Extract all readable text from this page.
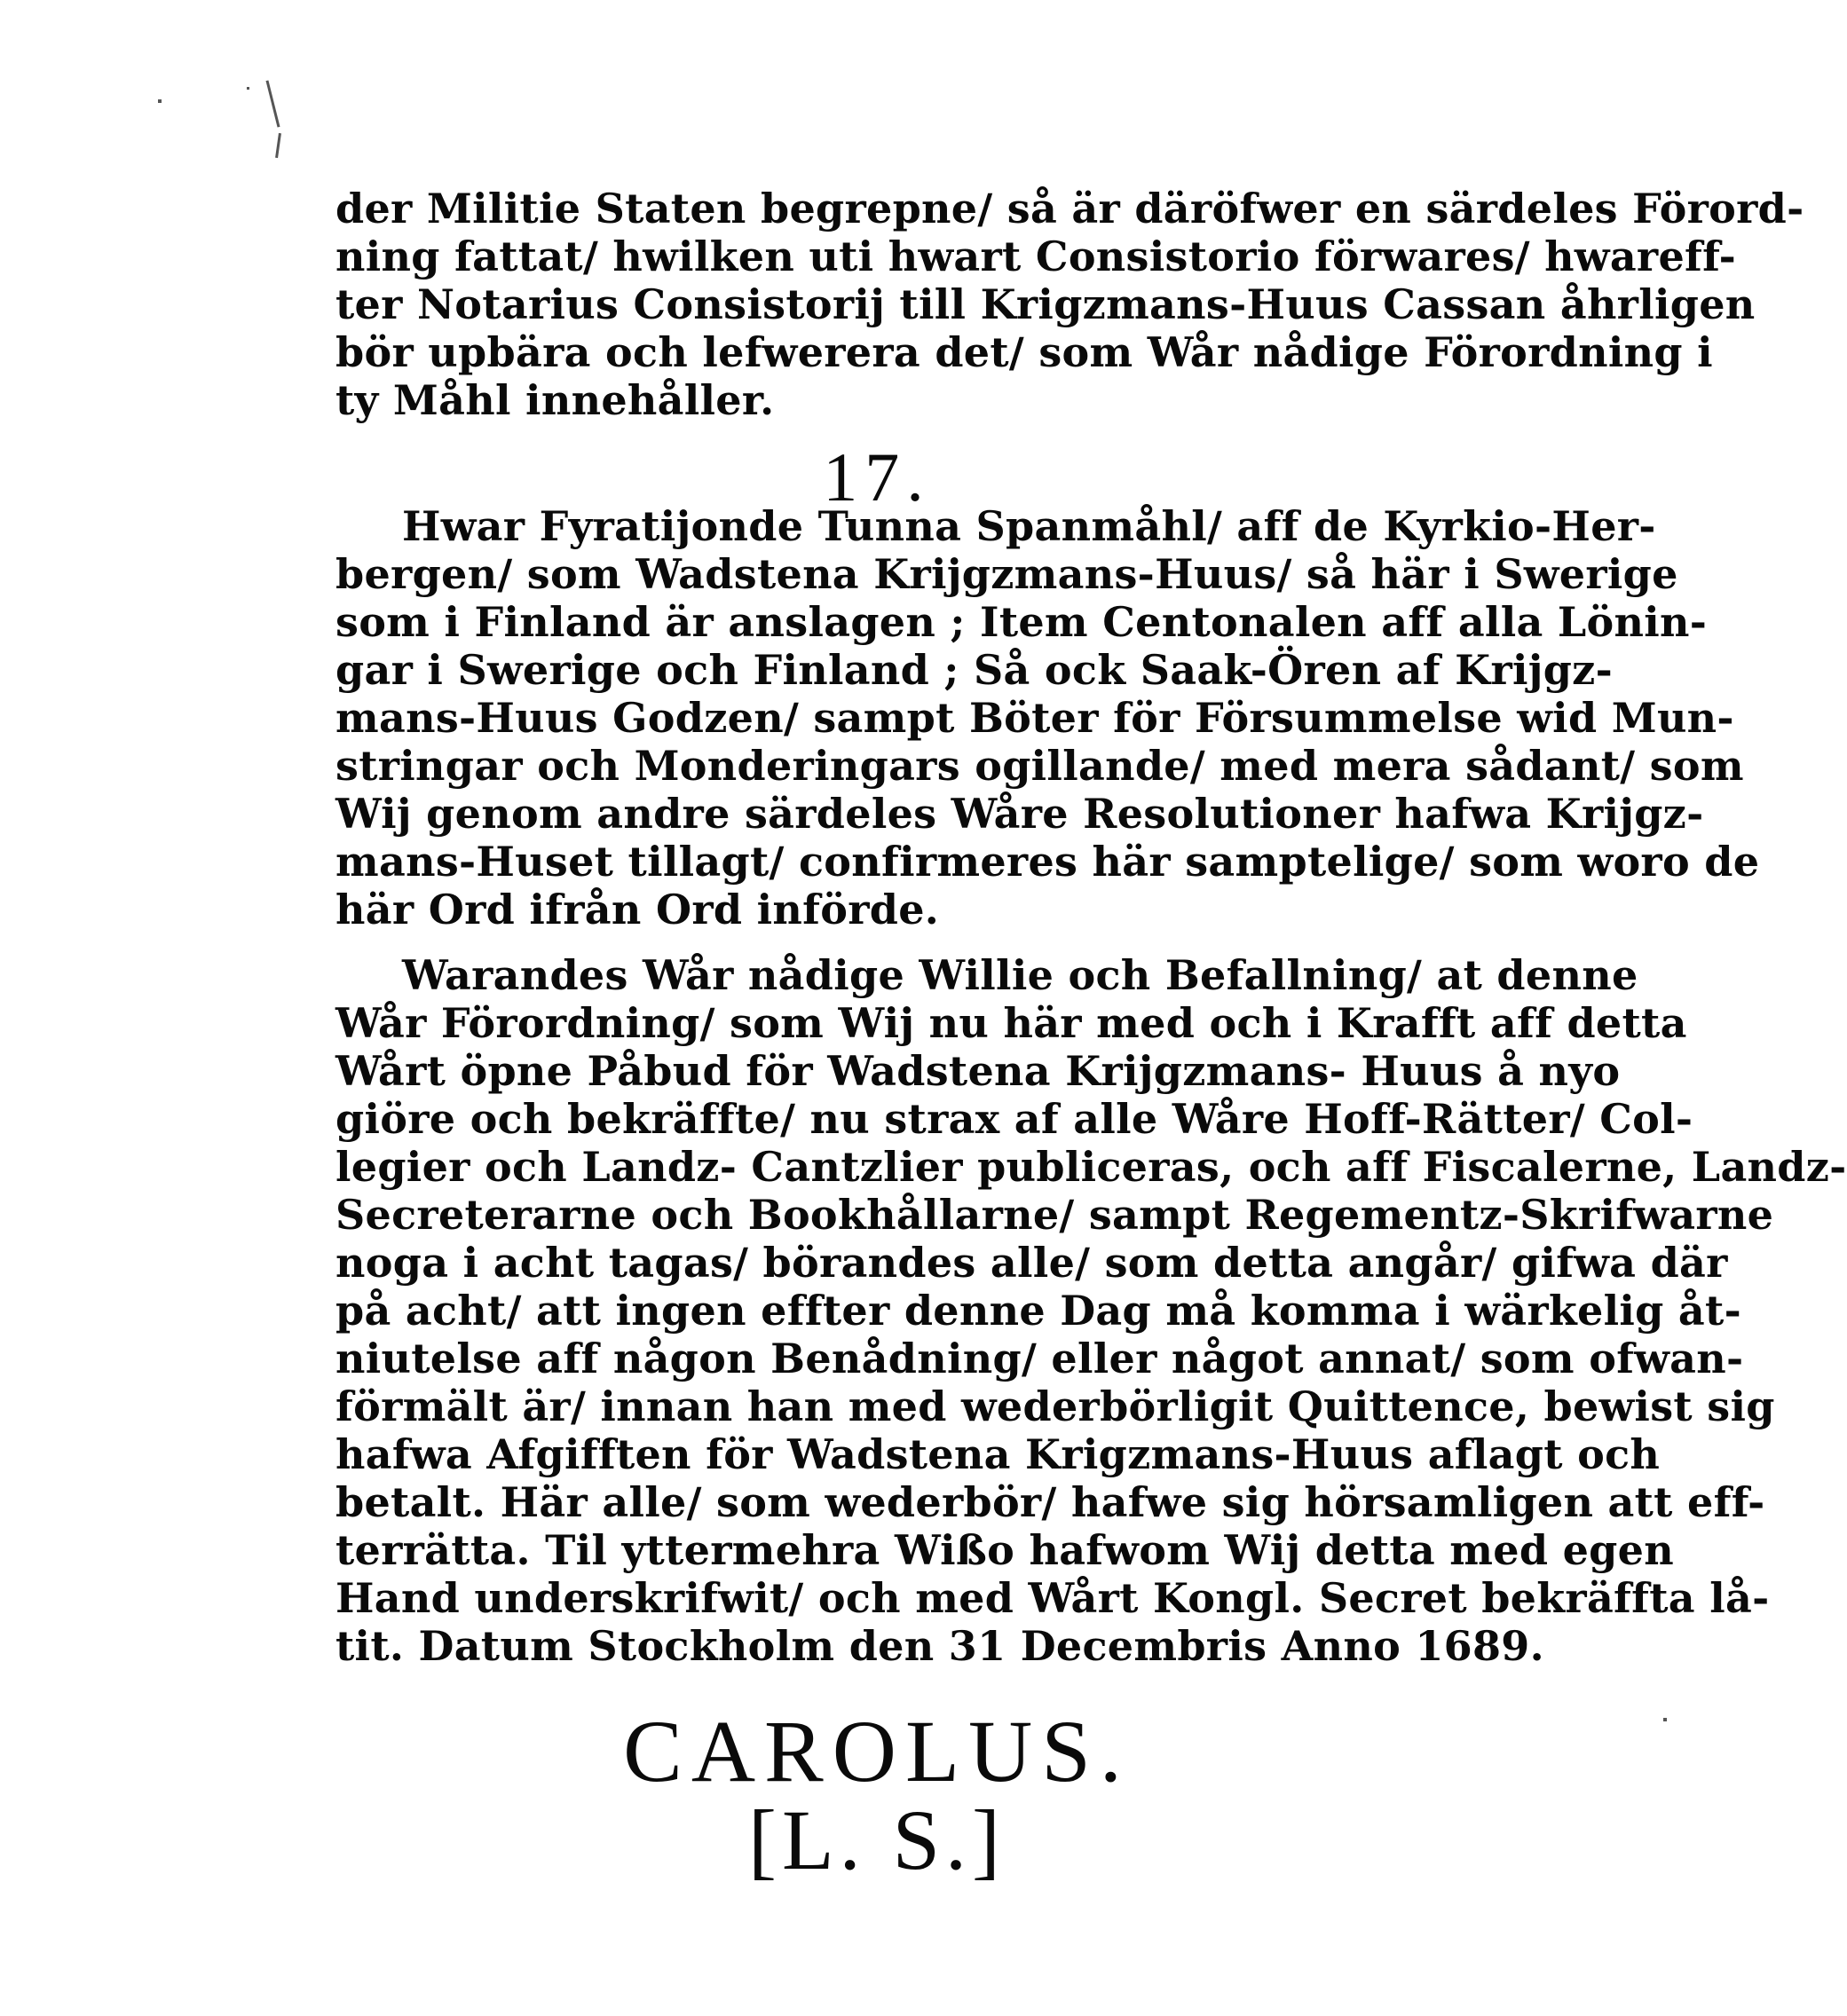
der Militie Staten begrepne/ så är däröfwer en särdeles Förord-
ning fattat/ hwilken uti hwart Consistorio förwares/ hwareff-
ter Notarius Consistorij till Krigzmans-Huus Cassan åhrligen
bör upbära och lefwerera det/ som Wår nådige Förordning i
ty Måhl innehåller.
17.
Hwar Fyratijonde Tunna Spanmåhl/ aff de Kyrkio-Her-
bergen/ som Wadstena Krijgzmans-Huus/ så här i Swerige
som i Finland är anslagen ; Item Centonalen aff alla Lönin-
gar i Swerige och Finland ; Så ock Saak-Ören af Krijgz-
mans-Huus Godzen/ sampt Böter för Försummelse wid Mun-
stringar och Monderingars ogillande/ med mera sådant/ som
Wij genom andre särdeles Wåre Resolutioner hafwa Krijgz-
mans-Huset tillagt/ confirmeres här samptelige/ som woro de
här Ord ifrån Ord införde.
Warandes Wår nådige Willie och Befallning/ at denne
Wår Förordning/ som Wij nu här med och i Krafft aff detta
Wårt öpne Påbud för Wadstena Krijgzmans- Huus å nyo
giöre och bekräffte/ nu strax af alle Wåre Hoff-Rätter/ Col-
legier och Landz- Cantzlier publiceras, och aff Fiscalerne, Landz-
Secreterarne och Bookhållarne/ sampt Regementz-Skrifwarne
noga i acht tagas/ börandes alle/ som detta angår/ gifwa där
på acht/ att ingen effter denne Dag må komma i wärkelig åt-
niutelse aff någon Benådning/ eller något annat/ som ofwan-
förmält är/ innan han med wederbörligit Quittence, bewist sig
hafwa Afgifften för Wadstena Krigzmans-Huus aflagt och
betalt. Här alle/ som wederbör/ hafwe sig hörsamligen att eff-
terrätta. Til yttermehra Wißo hafwom Wij detta med egen
Hand underskrifwit/ och med Wårt Kongl. Secret bekräffta lå-
tit. Datum Stockholm den 31 Decembris Anno 1689.
CAROLUS.
[L. S.]
